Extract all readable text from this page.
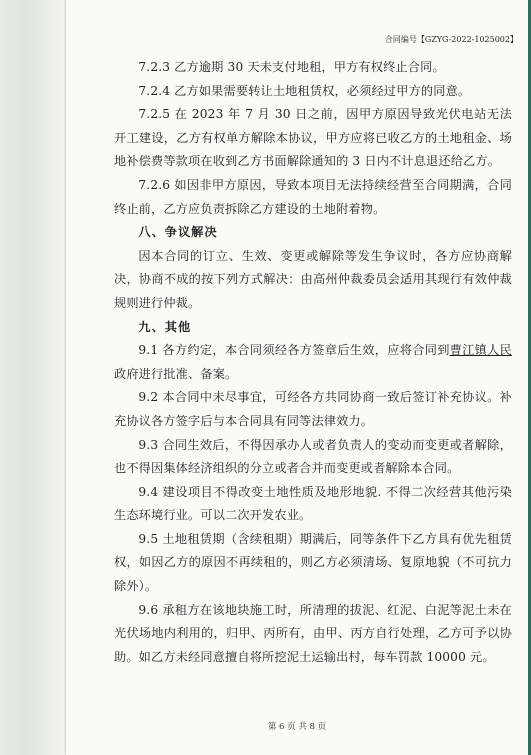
合同编号【GZYG-2022-1025002】

7.2.3 乙方逾期 30 天未支付地租，甲方有权终止合同。

7.2.4 乙方如果需要转让土地租赁权，必须经过甲方的同意。

7.2.5 在 2023 年 7 月 30 日之前，因甲方原因导致光伏电站无法开工建设，乙方有权单方解除本协议，甲方应将已收乙方的土地租金、场地补偿费等款项在收到乙方书面解除通知的 3 日内不计息退还给乙方。

7.2.6 如因非甲方原因，导致本项目无法持续经营至合同期满，合同终止前，乙方应负责拆除乙方建设的土地附着物。

八、争议解决

因本合同的订立、生效、变更或解除等发生争议时，各方应协商解决，协商不成的按下列方式解决：由高州仲裁委员会适用其现行有效仲裁规则进行仲裁。

九、其他

9.1 各方约定，本合同须经各方签章后生效，应将合同到曹江镇人民政府进行批准、备案。

9.2 本合同中未尽事宜，可经各方共同协商一致后签订补充协议。补充协议各方签字后与本合同具有同等法律效力。

9.3 合同生效后，不得因承办人或者负责人的变动而变更或者解除，也不得因集体经济组织的分立或者合并而变更或者解除本合同。

9.4 建设项目不得改变土地性质及地形地貌. 不得二次经营其他污染生态环境行业。可以二次开发农业。

9.5 土地租赁期（含续租期）期满后，同等条件下乙方具有优先租赁权，如因乙方的原因不再续租的，则乙方必须清场、复原地貌（不可抗力除外）。

9.6 承租方在该地块施工时，所清理的拔泥、红泥、白泥等泥土未在光伏场地内利用的，归甲、丙所有，由甲、丙方自行处理，乙方可予以协助。如乙方未经同意擅自将所挖泥土运输出村，每车罚款 10000 元。

第 6 页 共 8 页
